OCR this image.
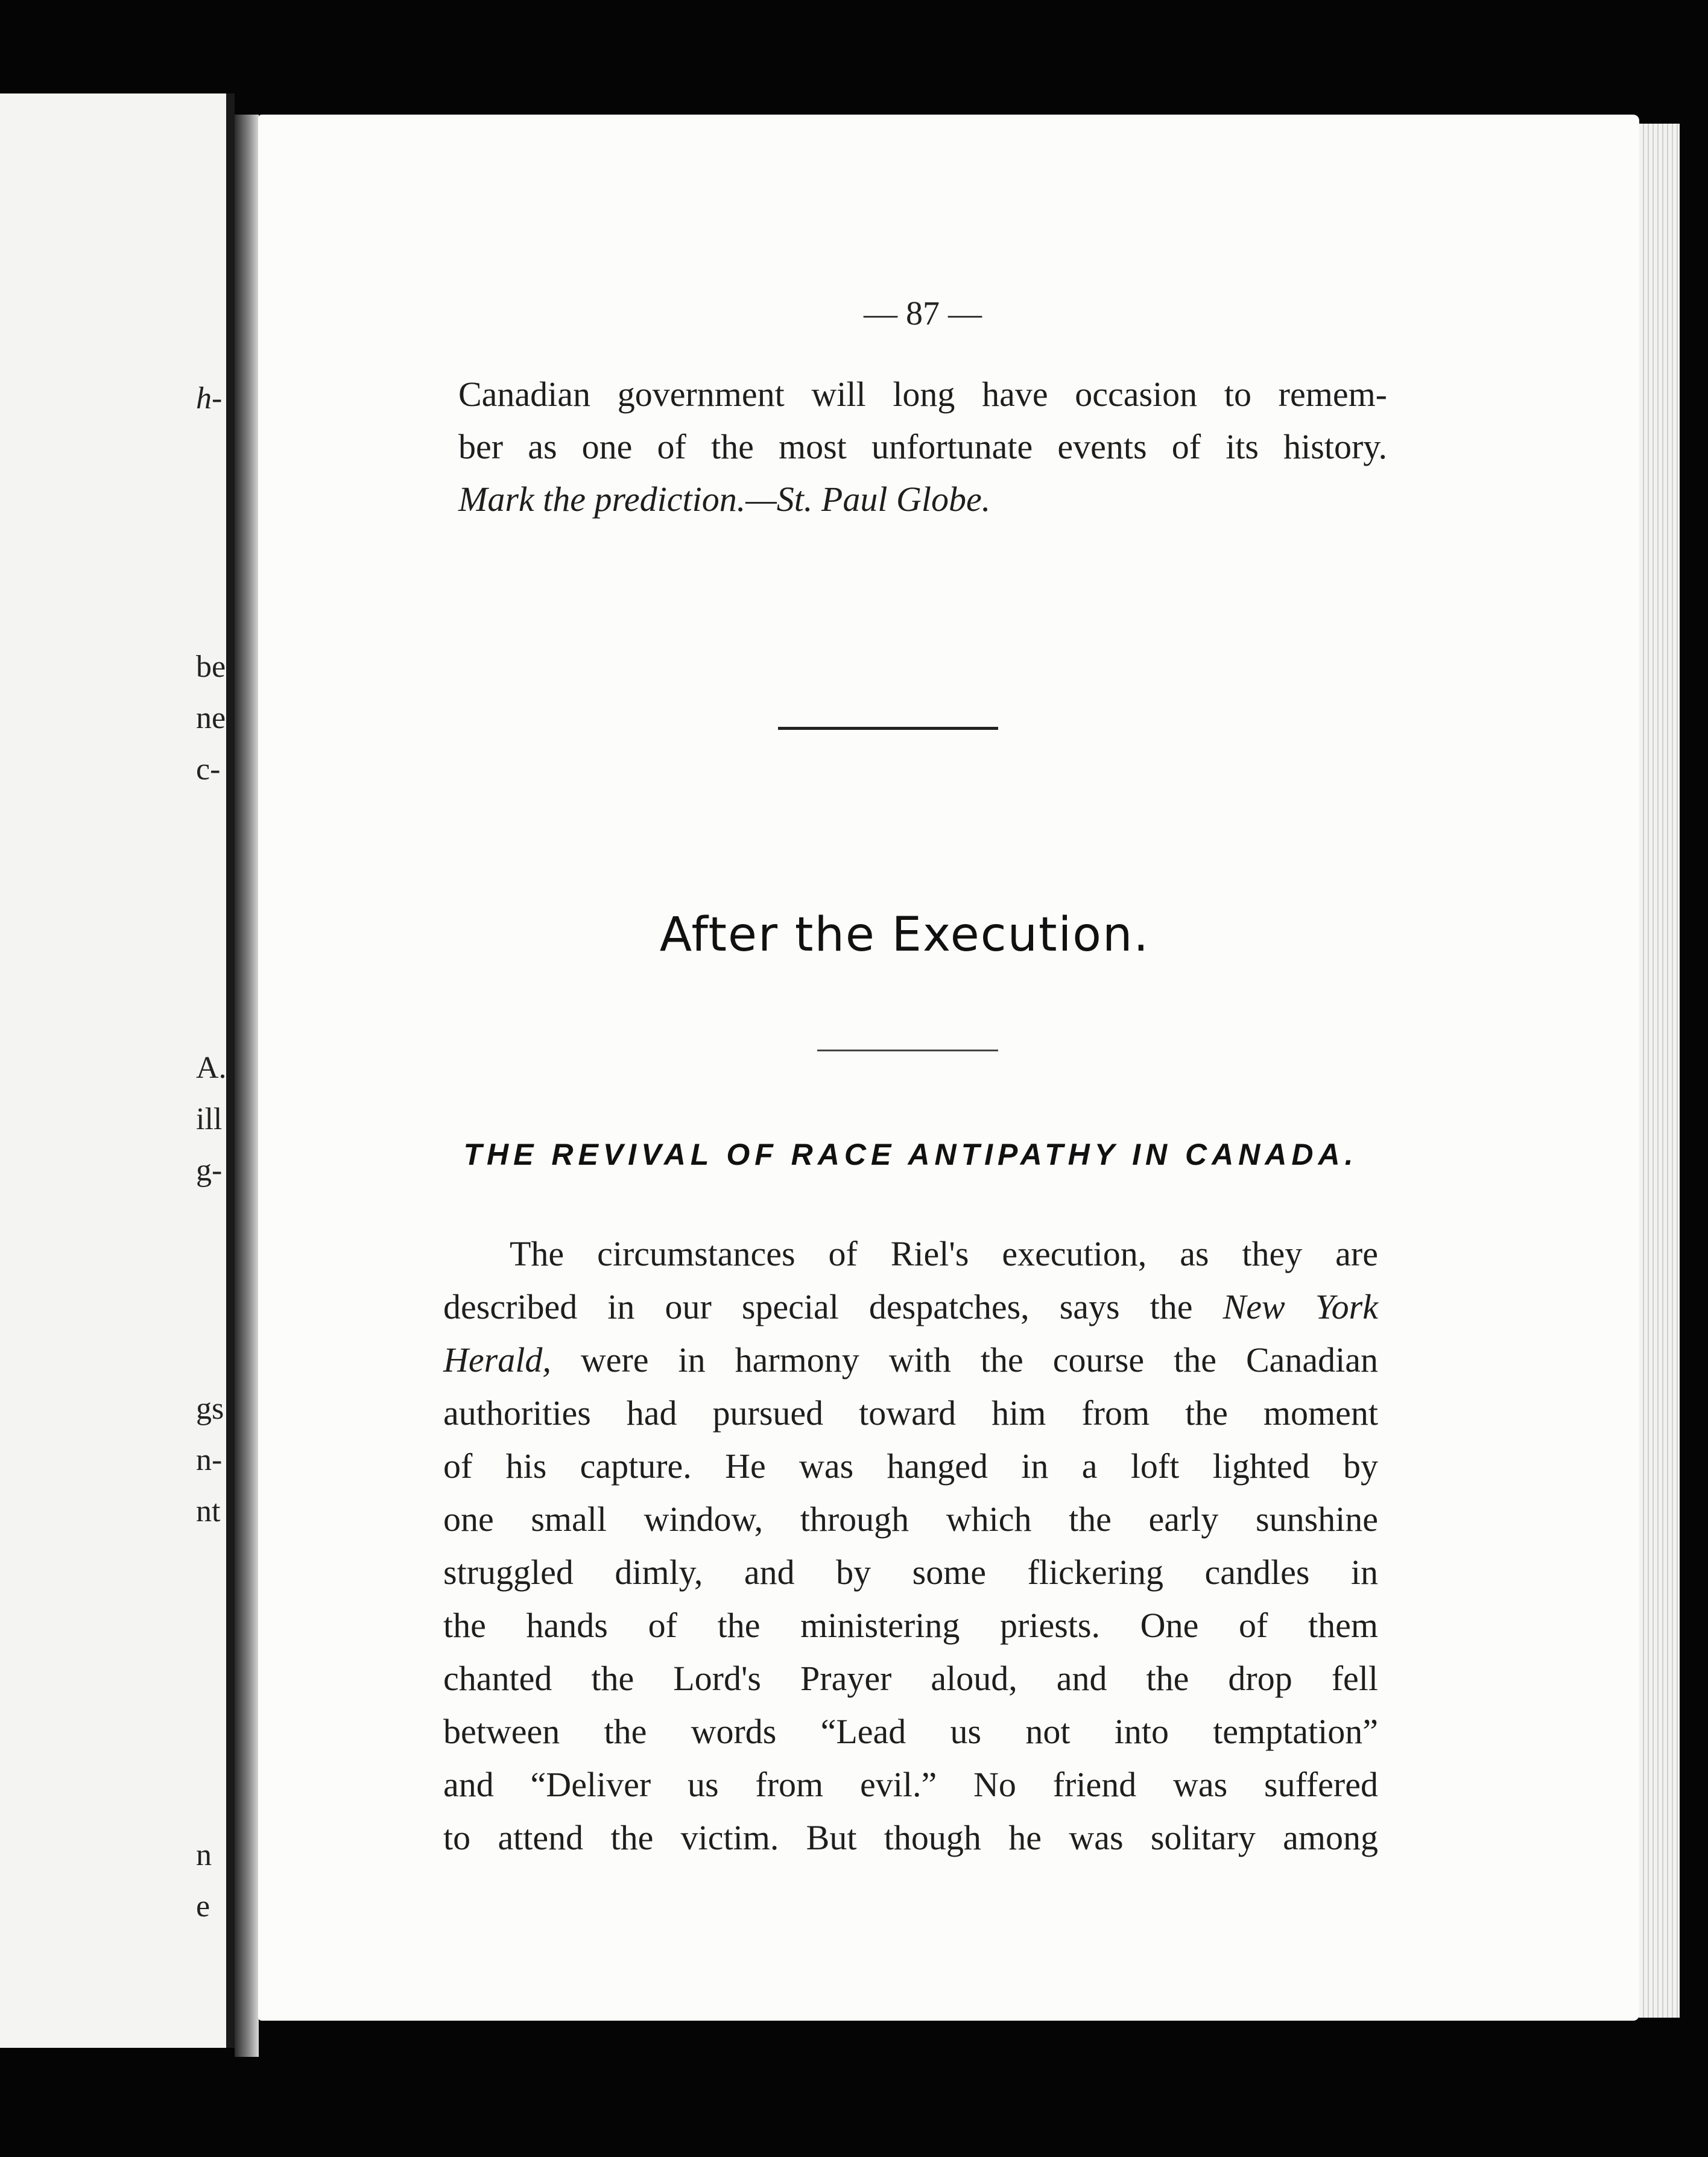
h-
be
ne
c-
A.
ill
g-
gs
n-
nt
n
e
— 87 —
Canadian government will long have occasion to remem-
ber as one of the most unfortunate events of its history.
Mark the prediction.—St. Paul Globe.
After the Execution.
THE REVIVAL OF RACE ANTIPATHY IN CANADA.
The circumstances of Riel's execution, as they are
described in our special despatches, says the New York
Herald, were in harmony with the course the Canadian
authorities had pursued toward him from the moment
of his capture. He was hanged in a loft lighted by
one small window, through which the early sunshine
struggled dimly, and by some flickering candles in
the hands of the ministering priests. One of them
chanted the Lord's Prayer aloud, and the drop fell
between the words “Lead us not into temptation”
and “Deliver us from evil.” No friend was suffered
to attend the victim. But though he was solitary among
